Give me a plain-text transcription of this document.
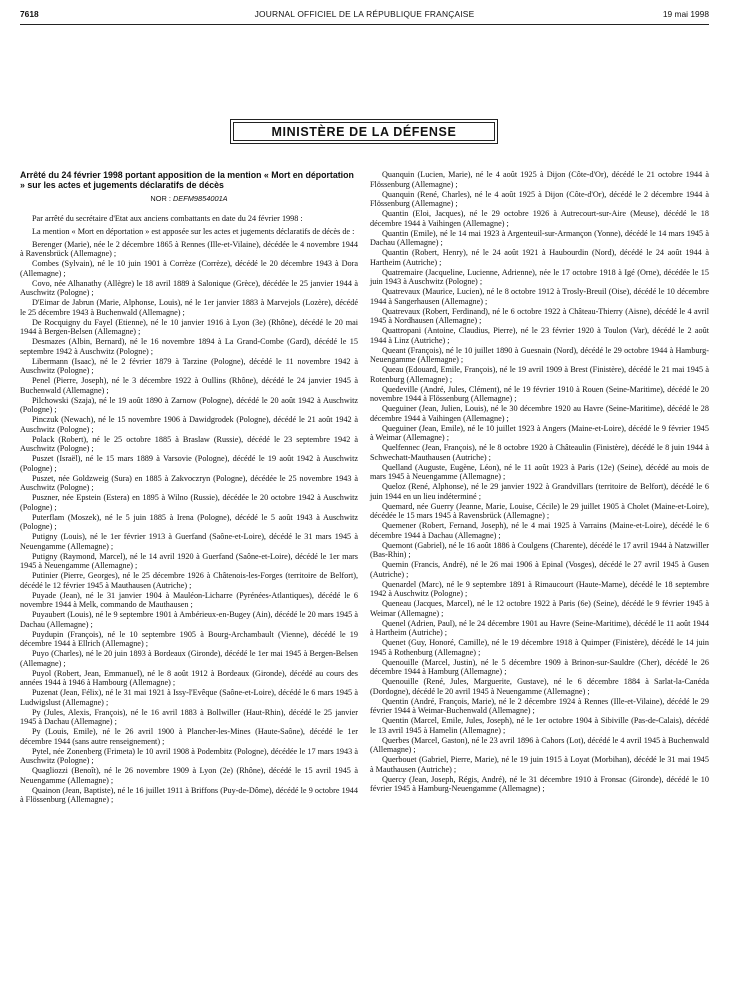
7618	JOURNAL OFFICIEL DE LA RÉPUBLIQUE FRANÇAISE	19 mai 1998
MINISTÈRE DE LA DÉFENSE
Arrêté du 24 février 1998 portant apposition de la mention « Mort en déportation » sur les actes et jugements déclaratifs de décès
NOR : DEFM9854001A

Par arrêté du secrétaire d'Etat aux anciens combattants en date du 24 février 1998 :

La mention « Mort en déportation » est apposée sur les actes et jugements déclaratifs de décès de :

Berenger (Marie), née le 2 décembre 1865 à Rennes (Ille-et-Vilaine), décédée le 4 novembre 1944 à Ravensbrück (Allemagne) ;

Combes (Sylvain), né le 10 juin 1901 à Corrèze (Corrèze), décédé le 20 décembre 1943 à Dora (Allemagne) ;

Covo, née Alhanathy (Allègre) le 18 avril 1889 à Salonique (Grèce), décédée le 25 janvier 1944 à Auschwitz (Pologne) ;

D'Eimar de Jabrun (Marie, Alphonse, Louis), né le 1er janvier 1883 à Marvejols (Lozère), décédé le 25 décembre 1943 à Buchenwald (Allemagne) ;

De Rocquigny du Fayel (Etienne), né le 10 janvier 1916 à Lyon (3e) (Rhône), décédé le 20 mai 1944 à Bergen-Belsen (Allemagne) ;

Desmazes (Albin, Bernard), né le 16 novembre 1894 à La Grand-Combe (Gard), décédé le 15 septembre 1942 à Auschwitz (Pologne) ;

Libermann (Isaac), né le 2 février 1879 à Tarzine (Pologne), décédé le 11 novembre 1942 à Auschwitz (Pologne) ;

Penel (Pierre, Joseph), né le 3 décembre 1922 à Oullins (Rhône), décédé le 24 janvier 1945 à Buchenwald (Allemagne) ;

Pilchowski (Szaja), né le 19 août 1890 à Zarnow (Pologne), décédé le 20 août 1942 à Auschwitz (Pologne) ;

Pinczuk (Newach), né le 15 novembre 1906 à Dawidgrodek (Pologne), décédé le 21 août 1942 à Auschwitz (Pologne) ;

Polack (Robert), né le 25 octobre 1885 à Braslaw (Russie), décédé le 23 septembre 1942 à Auschwitz (Pologne) ;

Puszet (Israël), né le 15 mars 1889 à Varsovie (Pologne), décédé le 19 août 1942 à Auschwitz (Pologne) ;

Puszet, née Goldzweig (Sura) en 1885 à Zakvoczryn (Pologne), décédée le 25 novembre 1943 à Auschwitz (Pologne) ;

Puszner, née Epstein (Estera) en 1895 à Wilno (Russie), décédée le 20 octobre 1942 à Auschwitz (Pologne) ;

Puterflam (Moszek), né le 5 juin 1885 à Irena (Pologne), décédé le 5 août 1943 à Auschwitz (Pologne) ;

Putigny (Louis), né le 1er février 1913 à Guerfand (Saône-et-Loire), décédé le 31 mars 1945 à Neuengamme (Allemagne) ;

Putigny (Raymond, Marcel), né le 14 avril 1920 à Guerfand (Saône-et-Loire), décédé le 1er mars 1945 à Neuengamme (Allemagne) ;

Putinier (Pierre, Georges), né le 25 décembre 1926 à Châtenois-les-Forges (territoire de Belfort), décédé le 12 février 1945 à Mauthausen (Autriche) ;

Puyade (Jean), né le 31 janvier 1904 à Mauléon-Licharre (Pyrénées-Atlantiques), décédé le 6 novembre 1944 à Melk, commando de Mauthausen ;

Puyaubert (Louis), né le 9 septembre 1901 à Ambérieux-en-Bugey (Ain), décédé le 20 mars 1945 à Dachau (Allemagne) ;

Puydupin (François), né le 10 septembre 1905 à Bourg-Archambault (Vienne), décédé le 19 décembre 1944 à Ellrich (Allemagne) ;

Puyo (Charles), né le 20 juin 1893 à Bordeaux (Gironde), décédé le 1er mai 1945 à Bergen-Belsen (Allemagne) ;

Puyol (Robert, Jean, Emmanuel), né le 8 août 1912 à Bordeaux (Gironde), décédé au cours des années 1944 à 1946 à Hambourg (Allemagne) ;

Puzenat (Jean, Félix), né le 31 mai 1921 à Issy-l'Evêque (Saône-et-Loire), décédé le 6 mars 1945 à Ludwigslust (Allemagne) ;

Py (Jules, Alexis, François), né le 16 avril 1883 à Bollwiller (Haut-Rhin), décédé le 25 janvier 1945 à Dachau (Allemagne) ;

Py (Louis, Emile), né le 26 avril 1900 à Plancher-les-Mines (Haute-Saône), décédé le 1er décembre 1944 (sans autre renseignement) ;

Pytel, née Zonenberg (Frimeta) le 10 avril 1908 à Podembitz (Pologne), décédée le 17 mars 1943 à Auschwitz (Pologne) ;

Quagliozzi (Benoît), né le 26 novembre 1909 à Lyon (2e) (Rhône), décédé le 15 avril 1945 à Neuengamme (Allemagne) ;

Quainon (Jean, Baptiste), né le 16 juillet 1911 à Briffons (Puy-de-Dôme), décédé le 9 octobre 1944 à Flössenburg (Allemagne) ;

Quanquin (Lucien, Marie), né le 4 août 1925 à Dijon (Côte-d'Or), décédé le 21 octobre 1944 à Flössenburg (Allemagne) ;

Quanquin (René, Charles), né le 4 août 1925 à Dijon (Côte-d'Or), décédé le 2 décembre 1944 à Flössenburg (Allemagne) ;

Quantin (Eloi, Jacques), né le 29 octobre 1926 à Autrecourt-sur-Aire (Meuse), décédé le 18 décembre 1944 à Vaihingen (Allemagne) ;

Quantin (Emile), né le 14 mai 1923 à Argenteuil-sur-Armançon (Yonne), décédé le 14 mars 1945 à Dachau (Allemagne) ;

Quantin (Robert, Henry), né le 24 août 1921 à Haubourdin (Nord), décédé le 24 août 1944 à Hartheim (Autriche) ;

Quatremaire (Jacqueline, Lucienne, Adrienne), née le 17 octobre 1918 à Igé (Orne), décédée le 15 juin 1943 à Auschwitz (Pologne) ;

Quatrevaux (Maurice, Lucien), né le 8 octobre 1912 à Trosly-Breuil (Oise), décédé le 10 décembre 1944 à Sangerhausen (Allemagne) ;

Quatrevaux (Robert, Ferdinand), né le 6 octobre 1922 à Château-Thierry (Aisne), décédé le 4 avril 1945 à Nordhausen (Allemagne) ;

Quattropani (Antoine, Claudius, Pierre), né le 23 février 1920 à Toulon (Var), décédé le 2 août 1944 à Linz (Autriche) ;

Queant (François), né le 10 juillet 1890 à Guesnain (Nord), décédé le 29 octobre 1944 à Hamburg-Neuengamme (Allemagne) ;

Queau (Edouard, Emile, François), né le 19 avril 1909 à Brest (Finistère), décédé le 21 mai 1945 à Rotenburg (Allemagne) ;

Quedeville (André, Jules, Clément), né le 19 février 1910 à Rouen (Seine-Maritime), décédé le 20 novembre 1944 à Flössenburg (Allemagne) ;

Queguiner (Jean, Julien, Louis), né le 30 décembre 1920 au Havre (Seine-Maritime), décédé le 28 décembre 1944 à Vaihingen (Allemagne) ;

Queguiner (Jean, Emile), né le 10 juillet 1923 à Angers (Maine-et-Loire), décédé le 9 février 1945 à Weimar (Allemagne) ;

Quelfennec (Jean, François), né le 8 octobre 1920 à Châteaulin (Finistère), décédé le 8 juin 1944 à Schwechatt-Mauthausen (Autriche) ;

Quelland (Auguste, Eugène, Léon), né le 11 août 1923 à Paris (12e) (Seine), décédé au mois de mars 1945 à Neuengamme (Allemagne) ;

Queloz (René, Alphonse), né le 29 janvier 1922 à Grandvillars (territoire de Belfort), décédé le 6 juin 1944 en un lieu indéterminé ;

Quemard, née Guerry (Jeanne, Marie, Louise, Cécile) le 29 juillet 1905 à Cholet (Maine-et-Loire), décédée le 15 mars 1945 à Ravensbrück (Allemagne) ;

Quemener (Robert, Fernand, Joseph), né le 4 mai 1925 à Varrains (Maine-et-Loire), décédé le 6 décembre 1944 à Dachau (Allemagne) ;

Quemont (Gabriel), né le 16 août 1886 à Coulgens (Charente), décédé le 17 avril 1944 à Natzwiller (Bas-Rhin) ;

Quemin (Francis, André), né le 26 mai 1906 à Epinal (Vosges), décédé le 27 avril 1945 à Gusen (Autriche) ;

Quenardel (Marc), né le 9 septembre 1891 à Rimaucourt (Haute-Marne), décédé le 18 septembre 1942 à Auschwitz (Pologne) ;

Queneau (Jacques, Marcel), né le 12 octobre 1922 à Paris (6e) (Seine), décédé le 9 février 1945 à Weimar (Allemagne) ;

Quenel (Adrien, Paul), né le 24 décembre 1901 au Havre (Seine-Maritime), décédé le 11 août 1944 à Hartheim (Autriche) ;

Quenet (Guy, Honoré, Camille), né le 19 décembre 1918 à Quimper (Finistère), décédé le 14 juin 1945 à Rothenburg (Allemagne) ;

Quenouille (Marcel, Justin), né le 5 décembre 1909 à Brinon-sur-Sauldre (Cher), décédé le 26 décembre 1944 à Hamburg (Allemagne) ;

Quenouille (René, Jules, Marguerite, Gustave), né le 6 décembre 1884 à Sarlat-la-Canéda (Dordogne), décédé le 20 avril 1945 à Neuengamme (Allemagne) ;

Quentin (André, François, Marie), né le 2 décembre 1924 à Rennes (Ille-et-Vilaine), décédé le 29 février 1944 à Weimar-Buchenwald (Allemagne) ;

Quentin (Marcel, Emile, Jules, Joseph), né le 1er octobre 1904 à Sibiville (Pas-de-Calais), décédé le 13 avril 1945 à Hamelin (Allemagne) ;

Querbes (Marcel, Gaston), né le 23 avril 1896 à Cahors (Lot), décédé le 4 avril 1945 à Buchenwald (Allemagne) ;

Querbouet (Gabriel, Pierre, Marie), né le 19 juin 1915 à Loyat (Morbihan), décédé le 31 mai 1945 à Mauthausen (Autriche) ;

Quercy (Jean, Joseph, Régis, André), né le 31 décembre 1910 à Fronsac (Gironde), décédé le 10 février 1945 à Hamburg-Neuengamme (Allemagne) ;
